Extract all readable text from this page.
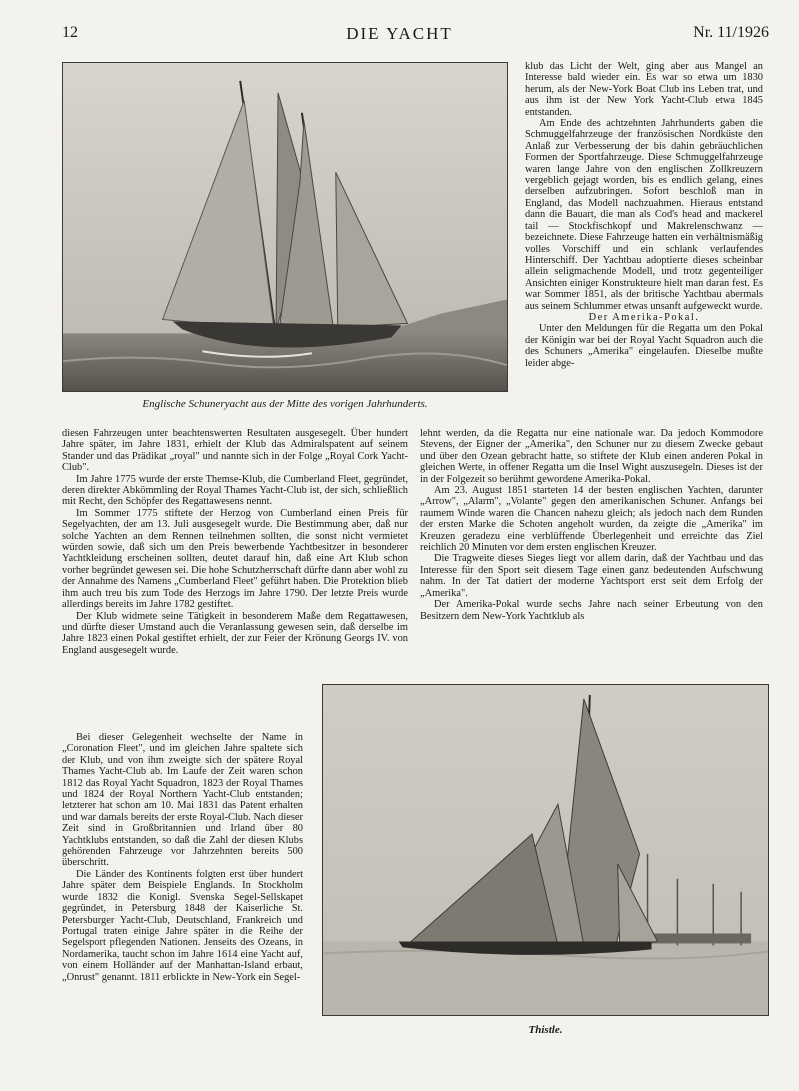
12	DIE YACHT	Nr. 11/1926
Englische Schuneryacht aus der Mitte des vorigen Jahrhunderts.

klub das Licht der Welt, ging aber aus Mangel an Interesse bald wieder ein. Es war so etwa um 1830 herum, als der New-York Boat Club ins Leben trat, und aus ihm ist der New York Yacht-Club etwa 1845 entstanden.

Am Ende des achtzehnten Jahrhunderts gaben die Schmuggelfahrzeuge der französischen Nordküste den Anlaß zur Verbesserung der bis dahin gebräuchlichen Formen der Sportfahrzeuge. Diese Schmuggelfahrzeuge waren lange Jahre von den englischen Zollkreuzern vergeblich gejagt worden, bis es endlich gelang, eines derselben aufzubringen. Sofort beschloß man in England, das Modell nachzuahmen. Hieraus entstand dann die Bauart, die man als Cod's head and mackerel tail — Stockfischkopf und Makrelenschwanz — bezeichnete. Diese Fahrzeuge hatten ein verhältnismäßig volles Vorschiff und ein schlank verlaufendes Hinterschiff. Der Yachtbau adoptierte dieses scheinbar allein seligmachende Modell, und trotz gegenteiliger Ansichten einiger Konstrukteure hielt man daran fest. Es war Sommer 1851, als der britische Yachtbau abermals aus seinem Schlummer etwas unsanft aufgeweckt wurde.

Der Amerika-Pokal.

Unter den Meldungen für die Regatta um den Pokal der Königin war bei der Royal Yacht Squadron auch die des Schuners „Amerika" eingelaufen. Dieselbe mußte leider abge-

diesen Fahrzeugen unter beachtenswerten Resultaten ausgesegelt. Über hundert Jahre später, im Jahre 1831, erhielt der Klub das Admiralspatent auf seinem Stander und das Prädikat „royal" und nannte sich in der Folge „Royal Cork Yacht-Club".

Im Jahre 1775 wurde der erste Themse-Klub, die Cumberland Fleet, gegründet, deren direkter Abkömmling der Royal Thames Yacht-Club ist, der sich, schließlich mit Recht, den Schöpfer des Regattawesens nennt.

Im Sommer 1775 stiftete der Herzog von Cumberland einen Preis für Segelyachten, der am 13. Juli ausgesegelt wurde. Die Bestimmung aber, daß nur solche Yachten an dem Rennen teilnehmen sollten, die sonst nicht vermietet würden sowie, daß sich um den Preis bewerbende Yachtbesitzer in besonderer Yachtkleidung erscheinen sollten, deutet darauf hin, daß eine Art Klub schon vorher begründet gewesen sei. Die hohe Schutzherrschaft dürfte dann aber wohl zu der Annahme des Namens „Cumberland Fleet" geführt haben. Die Protektion blieb ihm auch treu bis zum Tode des Herzogs im Jahre 1790. Der letzte Preis wurde allerdings bereits im Jahre 1782 gestiftet.

Der Klub widmete seine Tätigkeit in besonderem Maße dem Regattawesen, und dürfte dieser Umstand auch die Veranlassung gewesen sein, daß derselbe im Jahre 1823 einen Pokal gestiftet erhielt, der zur Feier der Krönung Georgs IV. von England ausgesegelt wurde.

lehnt werden, da die Regatta nur eine nationale war. Da jedoch Kommodore Stevens, der Eigner der „Amerika", den Schuner nur zu diesem Zwecke gebaut und über den Ozean gebracht hatte, so stiftete der Klub einen anderen Pokal in gleichen Werte, in offener Regatta um die Insel Wight auszusegeln. Dieses ist der in der Folgezeit so berühmt gewordene Amerika-Pokal.

Am 23. August 1851 starteten 14 der besten englischen Yachten, darunter „Arrow", „Alarm", „Volante" gegen den amerikanischen Schuner. Anfangs bei raumem Winde waren die Chancen nahezu gleich; als jedoch nach dem Runden der ersten Marke die Schoten angeholt wurden, da zeigte die „Amerika" im Kreuzen geradezu eine verblüffende Überlegenheit und erreichte das Ziel reichlich 20 Minuten vor dem ersten englischen Kreuzer.

Die Tragweite dieses Sieges liegt vor allem darin, daß der Yachtbau und das Interesse für den Sport seit diesem Tage einen ganz bedeutenden Aufschwung nahm. In der Tat datiert der moderne Yachtsport erst seit dem Erfolg der „Amerika".

Der Amerika-Pokal wurde sechs Jahre nach seiner Erbeutung von den Besitzern dem New-York Yachtklub als

Bei dieser Gelegenheit wechselte der Name in „Coronation Fleet", und im gleichen Jahre spaltete sich der Klub, und von ihm zweigte sich der spätere Royal Thames Yacht-Club ab. Im Laufe der Zeit waren schon 1812 das Royal Yacht Squadron, 1823 der Royal Thames und 1824 der Royal Northern Yacht-Club entstanden; letzterer hat schon am 10. Mai 1831 das Patent erhalten und war damals bereits der erste Royal-Club. Nach dieser Zeit sind in Großbritannien und Irland über 80 Yachtklubs entstanden, so daß die Zahl der diesen Klubs gehörenden Fahrzeuge vor Jahrzehnten bereits 500 überschritt.

Die Länder des Kontinents folgten erst über hundert Jahre später dem Beispiele Englands. In Stockholm wurde 1832 die Konigl. Svenska Segel-Sellskapet gegründet, in Petersburg 1848 der Kaiserliche St. Petersburger Yacht-Club, Deutschland, Frankreich und Portugal traten einige Jahre später in die Reihe der Segelsport pflegenden Nationen. Jenseits des Ozeans, in Nordamerika, taucht schon im Jahre 1614 eine Yacht auf, von einem Holländer auf der Manhattan-Island erbaut, „Onrust" genannt. 1811 erblickte in New-York ein Segel-

Thistle.
